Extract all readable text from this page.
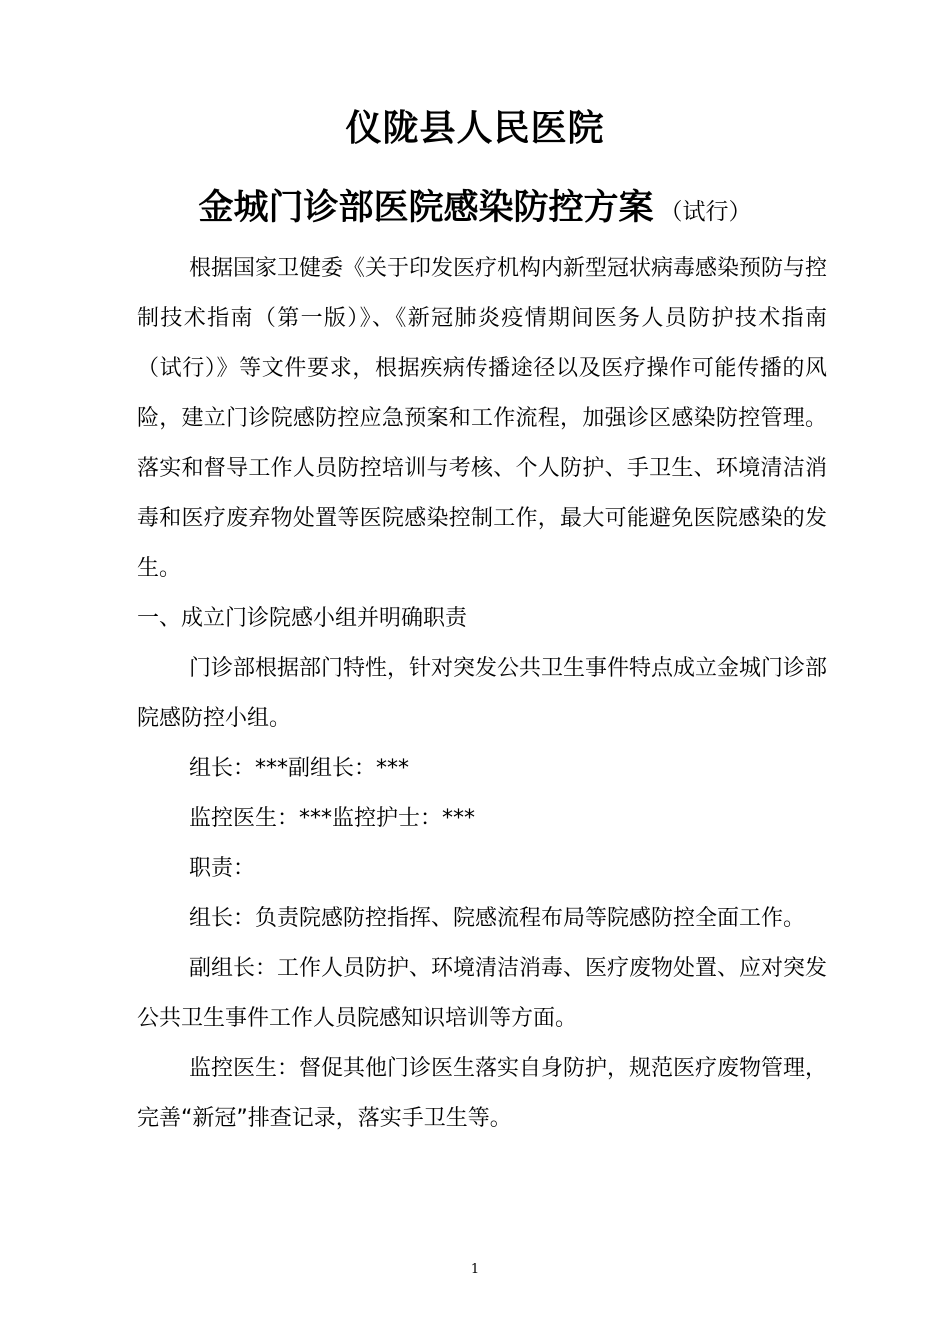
仪陇县人民医院
金城门诊部医院感染防控方案 （试行）

根据国家卫健委《关于印发医疗机构内新型冠状病毒感染预防与控制技术指南（第一版）》、《新冠肺炎疫情期间医务人员防护技术指南（试行）》等文件要求，根据疾病传播途径以及医疗操作可能传播的风险，建立门诊院感防控应急预案和工作流程，加强诊区感染防控管理。落实和督导工作人员防控培训与考核、个人防护、手卫生、环境清洁消毒和医疗废弃物处置等医院感染控制工作，最大可能避免医院感染的发生。

一、成立门诊院感小组并明确职责

门诊部根据部门特性，针对突发公共卫生事件特点成立金城门诊部院感防控小组。

组长：***副组长：***

监控医生：***监控护士：***

职责：

组长：负责院感防控指挥、院感流程布局等院感防控全面工作。

副组长：工作人员防护、环境清洁消毒、医疗废物处置、应对突发公共卫生事件工作人员院感知识培训等方面。

监控医生：督促其他门诊医生落实自身防护，规范医疗废物管理，完善“新冠”排查记录，落实手卫生等。

1
